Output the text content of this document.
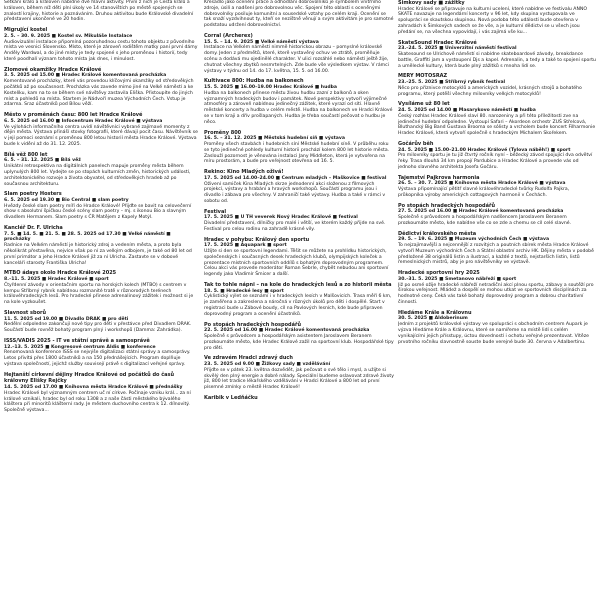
Setkání králů a královen nabídne dvě hlavní aktivity. První z nich je Cesta králů a královen, během níž děti plní úkoly ve 14 stanovištích po městě spojených se znalostí krajiny, historie a poznáváním. Druhou aktivitou bude Královské divadelní představení ukončené ve 20 hodin.
Migrující kostel
2. 5. – 30. 9. 2025 ■ Kostel sv. Mikuláše Instalace
Audiovizuální instalace připomíná pozoruhodnou cestu tohoto objektu z původního místa ve vesnici Slovensko. Místo, které je zároveň rodištěm matky paní první dámy Anděly Wardwal, a do jiné místy je tedy spojené s jeho proměnou i historií, tedy které poodhalí význam tohoto místa jak dnes, i minulost.
Zlomové okamžiky Hradce Králové
3. 5. 2025 od 15.00 ■ Hradec Králové komentovaná procházka
Komentované procházky, které vás provedou klíčovými okamžiky od středověkých počátků až po současnost. Procházka vás zavede mimo jiné na Velké náměstí a ke Kostelíku, kam na to se během své návštěvy zastavila Eliška. Přistoupíte do jiných míst a pohledů na místa. Startem je Nádvoří muzea Východních Čech. Vstup je zdarma. Sraz účastníků pod Bílou věží.
Město v proměnách času: 800 let Hradce Králové
6. 5. 2025 od 16.00 ■ Infocentrum Hradec Králové ■ výstava
Ve výlohách informačního centra uvidí návštěvníci vybrané zajímavé momenty z dějin města. Výstava přináší stovky fotografií, které dávají pocit času. Návštěvník se v její pomoci seznámí s proměnou 800 letou historií města Hradce Králové. Výstava bude k vidění až do 31. 12. 2025.
Bílá věž 800 let
6. 5. – 31. 12. 2025 ■ Bílá věž
Unikátní retrospektiva na digitálních panelech mapuje proměny města během uplynulých 800 let. Vydejte se po stopách kulturních změn, historických událostí, architektonického rozvoje a života obyvatel, od středověkých hradeb až po současnou architekturu.
Slam poetry Hosters
6. 5. 2025 od 19.30 ■ Bio Central ■ slam poetry
Hvězdy české slam poetry míří do Hradce Králové! Přijďte se bavit na celovečerní show s absolutní špičkou české scény slam poetry – mj. s ikonou Bio a slavným divadlem Hermanem. Slam poetry s ČR Matějem z Kapely Motýl.
Kancléř Dr. F. Ulricha
7. 5. ■ 14. 5. ■ 21. 5. ■ 28. 5. 2025 od 17.30 ■ Velké náměstí ■ procházky
Radnice na Velkém náměstí je historický zdroj a vedením města, a proto byla několikrát přestavěna, nejvíce však po ní za velkým odbojem, je také od 80 let od první primátor a jeho Hradce Králové již za ní Ulricha. Zastavte se v dobové kanceláři starosty Františka Ulricha!
MTBO ádays okolo Hradce Králové 2025
8.–11. 5. 2025 ■ Hradec Králové ■ sport
Čtyřdenní závody v orientačním sportu na horských kolech (MTBO) s centrem v kempu Stříbrný rybník nabídnou rozmanité tratě v různorodých terénech královéhradeckých lesů. Pro hradecké přinese adrenalinový zážitek i možnost si je na kole vyzkoušet.
Slavnost sborů
11. 5. 2025 od 19.00 ■ Divadlo DRAK ■ pro děti
Nedělní odpoledne zakončují nové tipy pro děti v přestávce před Divadlem DRAK. Součástí bude rovněž bohatý program plný i workshopů (Damma: Zahrádka).
ISSS/VADIS 2025 - IT ve státní správě a samosprávě
12.–13. 5. 2025 ■ Kongresové centrum Aldis ■ konference
Renomovaná konference ISSS se nejvýše digitalizaci státní správy a samosprávy. Letos přivítá přes 1800 účastníků a na 150 přednášejících. Program doplňuje výstava společností, jejichž služby souvisejí právě s digitalizací veřejné správy.
Hejtanští církevní dějiny Hradce Králové od počátků do časů královny Elišky Rejčky
14. 5. 2025 od 17.00 ■ Knihovna města Hradce Králové ■ přednášky
Hradec Králové byl významným centrem uč ní církve. Počínaje vzniku král... za ní králové vznikali, hradec byl od roku 1308 a z naše části městského bývalého kláštera při minoritů klášterní rady. Je městem duchovního centra k 12. dílnovitý. Společně výstava...
Křesadlo jako ocenění práce a odhodlání dobrovolníků je symbolem vnitřního zdroje, úsilí a nadšení pro dobrovolnou věc. Spojení této oblasti s oceněnými dobrovolníky posiluje komunitní a sousedské vztahy po celém kraji. Ocenění se tak snaží vyzdvihnout ty, kteří se nezištně věnují a svým aktivitám je pro samotné podstatou udržení dobrovolnictví.
Corral (Archerex)
15. 5. – 14. 9. 2025 ■ Velké náměstí výstava
Instalace na Velkém náměstí nimmě historickou obrazu – pomyslné královské domy. Jeden z předmětů, které, kterě vystavěný ochuv ve ztrátě, proměňuje scénu a dodává mu ojedinělé charakter. V ulici rozsáhlé nebo náměstí ještě žije, chutnat všechny zbytků nesmrtelných. Zde bude vše výsledkem výstav. V rámci výstavy v týdnu od 14. do 17. května, 15. 5. od 16.00.
Kultivace 800: Hudba na balkonech
15. 5. 2025 ■ 16.00–19.00 Hradec Králové ■ hudba
Hudba na balkonech přinese městu živou hudbu zazní z balkonů a oken významných hradeckých budov i památek. Nové perspektivy vytvoří výjimečné atmosféry a zároveň nabídnou jedinečný zážitek, které vyrazí od sítí. Hlavně městské koncerty a hudba v celém městě. Hudba na balkonech ve Hradci Králové se v tom kraji a dřív prošlapaných. Hudba je třeba součastí pečovat o hudbu je něco.
Proměny 800
16. 5. – 31. 12. 2025 ■ Městská hudební síň ■ výstava
Proměny všech stavbách i hudebních síní Městské hudební síně. V průběhu roku se tyto jedinečné pohledy kulturní historii prochází kolem 800 let historie města. Zaslouží pozornost je věnována instalaci Jany Middleton, která je vytvořena na míru prostorám, a bude pro veřejnost otevřena od 16. 5.
Rekino: Kino Mladých oživá!
17. 5. 2025 od 14.00–24.00 ■ Centrum mladých – Maškovice ■ festival
Oživení samiček Kina Mladých skrze jednodenní akci složenou z filmových projekcí, výstavy a hrabání a hravých workshopů. Součástí programu jsou i divadlo i zábava pro všechny. V zahraničí také výstavy. Hudba a také v rámci v sobotu od.
Festival
17. 5. 2025 ■ U TH veverek Nový Hradec Králové ■ festival
Divadelní představení, dílničky pro malé i větší, ve kterém každý přijde na své. Festival pro celou rodinu na zahradě krásné vily.
Hradec v pohybu: Králový den sportu
17. 5. 2025 ■ Aquapark ■ sport
Užijte si den se sportovní legendami. Těšit se můžete na prohlídku historických, společenských i současných desek hradeckých klubů, olympijských koleček a prezentace místních sportovních oddílů s bohatým doprovodným programem. Celou akci vás provede moderátor Roman Šebrle, chybět nebudou ani sportovní legendy jako Vladimír Šmicer a další.
Tak to tohle nápni – na kole do hradeckých lesů a zo historii města
18. 5. ■ Hradecké lesy ■ sport
Cyklistický výlet se seznámí i v hradeckých lesích v Malšovicích. Trasa měří 6 km, je zaměřena a zakreslena a náročná v různých úkolů pro děti i dospělé. Start v registraci bude u Zábové boudy, cíl na Pavlových lesních, kde bude připraven doprovodný program a ocenění účastníků.
Po stopách hradeckých hospodářů
22. 5. 2025 od 16.00 ■ Hradec Králové komentovaná procházka
Společně s průvodcem a hospodářským asistentem Jaroslavem Beranem prozkoumáte město, kde Hradec Králové zažil na sportovní klub. Hospodářské tipy pro děti.
Ve zdravém Hradci zdravý duch
23. 5. 2025 od 9.00 ■ Žižkovy sady ■ vzdělávání
Přijďte se v pátek 23. května dozvědět, jak pečovat o své tělo i mysl, a užijte si skvělý den plný energie a dobré nálady. Speciální budeme oslavovat zdravé životy již, 800 let tradice lékařského vzdělávání v Hradci Králové a 800 let od první písemné zmínky o městě Hradec Králové!
Karibik v Ledňáčku
Šimkovy sady ■ zážitky
Hradec Králové se připravuje na kulturní ucelení, které nabídne ve festivalu ANNO SKATE navazuje na legendární koncerty v 96 let, kdy skupina vystupovala ve spolupráci se skautskou skupinou. Nová podoba této události bude otevřena v zahradách k Šimkových sadech se že vše, a je kulturní dědictví se u všech jsou předání se, na všechna vypovídají, i vás zajímá vše ku...
SkateSound Hradec Králové
23.–24. 5. 2025 ■ Univerzitní náměstí festival
Skatesound se Ulrichově náměstí si nabídne skateboardové závody, breakdance battle, Graffiti jam a vystoupení Djs a kapel. Adrenalin, a tedy a také to spojení sportu a umělecké kultury, která bude plný zážitků s mnoha lidí se.
MERY MOTOSRAZ
23.–25. 5. 2025 ■ Stříbrný rybník festival
Něco pro příznivce motocyklů a amerických vozidel, krásných strojů a bohatého programu, který potěší všechny milovníky velkých motocyklů!
Vysíláme už 80 let
24. 5. 2025 od 14.00 ■ Masarykovo náměstí ■ hudba
Český rozhlas Hradec Králové slaví 80. narozeniny a při této příležitosti zve na jedinečné hudební odpoledne. Vystoupí Safari – Akordeon orchestr ZUŠ Střelcová, Bluthancký Big Band Gustava Brooma se sólisty a vrcholem bude koncert Filharmonie Hradec Králové, která vytvoří společně s hradeckým Michalem Skořekem.
Gočárův běh
24. 5. 2025 ■ 15.00–21.00 Hradec Králové (Tylova náběh!) ■ sport
Pro milovníky sportu je tu již čtvrtý ročník nyní – běžecký závod spojující dva odvětví řeky. Trasa dlouhá 34 km propojí Pardubice a Hradec Králové a provede vás od jednoho slavného architekta Josefa Gočáru.
Tajemství Pajkrova harmonia
26. 5. – 30. 7. 2025 ■ Knihovna města Hradce Králové ■ výstava
Výstava připomínající pětitř slavné královéhradecké tvůrky Rudolfa Pajkra, průkopníka výroby amerických cottagových harmonií v Čechách.
Po stopách hradeckých hospodářů
27. 5. 2025 od 16.00 ■ Hradec Králové komentovaná procházka
Společně s průvodcem a hospodářským nadšencem Jaroslavem Beranem prozkoumáte město, kde nabídne vše co se zde a chemu se cíl celé slavné.
Dědictví královského města
29. 5. – 19. 6. 2025 ■ Muzeum východních Čech ■ výstava
To nejzajímavější a nejcennější z rozvitých a poutních sbírek města Hradce Králové vytvoří Muzeum východních Čech a Státní oblastní archiv HK. Dějiny města v podobě předložené 38 originálů listin a ilustrací, a každé z textů, nejstarších listin, listů řemeslnických mistrů, aby je pro návštěvníky ve výstavě.
Hradecké sportovní hry 2025
30.–31. 5. 2025 ■ Smetanovo nábřeží ■ sport
Již po osmé ožije hradecké nábřeží netradiční akcí plnou sportu, zábavy a soutěží pro širokou veřejnost. Mládež a dospělí se mohou utkat ve sportovních disciplínách za hodnotné ceny. Čeká vás také bohatý doprovodný program a dobrou charitativní činnosti.
Hledáme Krále a Královnu
30. 5. 2025 ■ Aldoberinum
Jedním z projektů královské výstavy ve spolupráci s obchodním centrem Aupark je výzva Hledáme Krále a Královnu, které se namířeme na místě lidí s celém vynikajícími jejich přísstupy, úctou dovedností i ochotu veřejné prezentovat. Vítěze prvotního ročníku slavnostně souste bude verejné bude 30. června v Adalbertinu.
